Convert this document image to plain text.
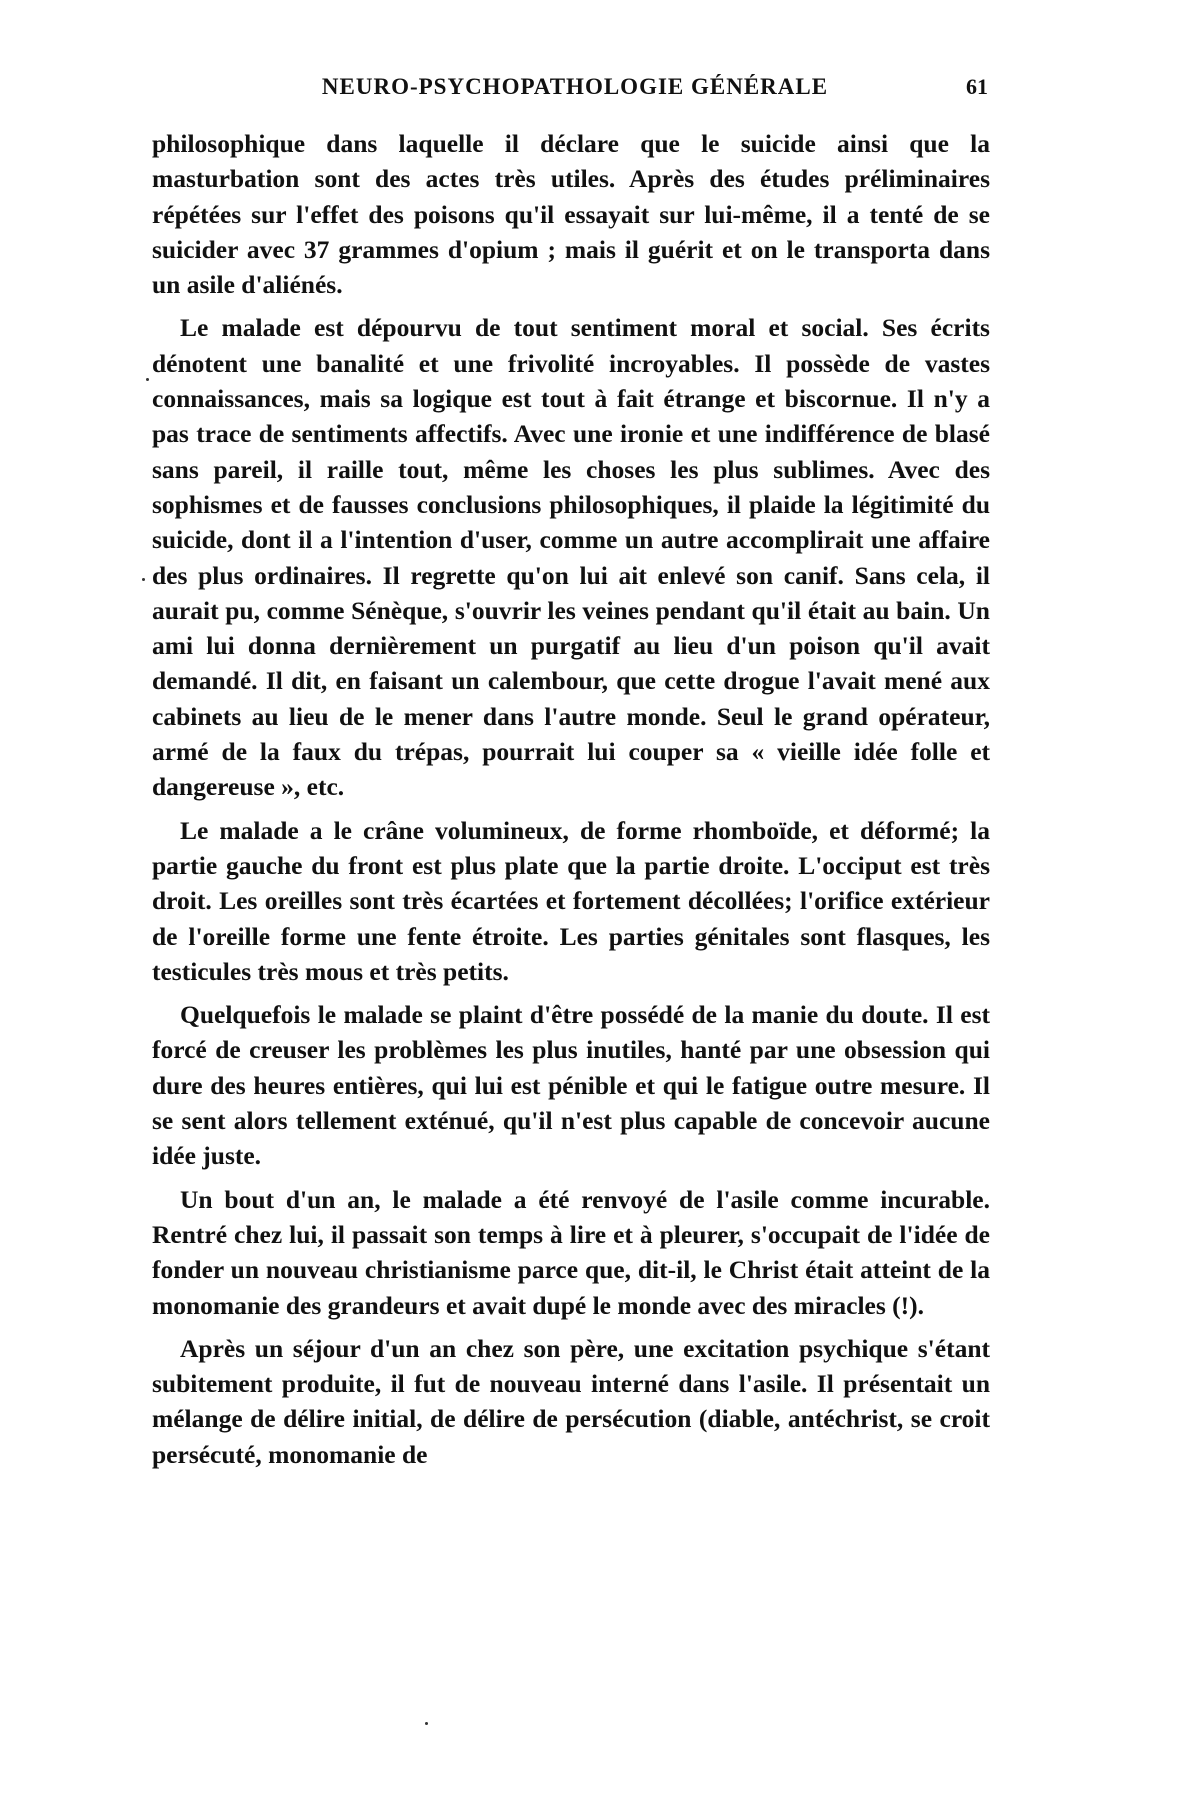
NEURO-PSYCHOPATHOLOGIE GÉNÉRALE	61

philosophique dans laquelle il déclare que le suicide ainsi que la masturbation sont des actes très utiles. Après des études préliminaires répétées sur l'effet des poisons qu'il essayait sur lui-même, il a tenté de se suicider avec 37 grammes d'opium ; mais il guérit et on le transporta dans un asile d'aliénés.

Le malade est dépourvu de tout sentiment moral et social. Ses écrits dénotent une banalité et une frivolité incroyables. Il possède de vastes connaissances, mais sa logique est tout à fait étrange et biscornue. Il n'y a pas trace de sentiments affectifs. Avec une ironie et une indifférence de blasé sans pareil, il raille tout, même les choses les plus sublimes. Avec des sophismes et de fausses conclusions philosophiques, il plaide la légitimité du suicide, dont il a l'intention d'user, comme un autre accomplirait une affaire des plus ordinaires. Il regrette qu'on lui ait enlevé son canif. Sans cela, il aurait pu, comme Sénèque, s'ouvrir les veines pendant qu'il était au bain. Un ami lui donna dernièrement un purgatif au lieu d'un poison qu'il avait demandé. Il dit, en faisant un calembour, que cette drogue l'avait mené aux cabinets au lieu de le mener dans l'autre monde. Seul le grand opérateur, armé de la faux du trépas, pourrait lui couper sa « vieille idée folle et dangereuse », etc.

Le malade a le crâne volumineux, de forme rhomboïde, et déformé; la partie gauche du front est plus plate que la partie droite. L'occiput est très droit. Les oreilles sont très écartées et fortement décollées; l'orifice extérieur de l'oreille forme une fente étroite. Les parties génitales sont flasques, les testicules très mous et très petits.

Quelquefois le malade se plaint d'être possédé de la manie du doute. Il est forcé de creuser les problèmes les plus inutiles, hanté par une obsession qui dure des heures entières, qui lui est pénible et qui le fatigue outre mesure. Il se sent alors tellement exténué, qu'il n'est plus capable de concevoir aucune idée juste.

Un bout d'un an, le malade a été renvoyé de l'asile comme incurable. Rentré chez lui, il passait son temps à lire et à pleurer, s'occupait de l'idée de fonder un nouveau christianisme parce que, dit-il, le Christ était atteint de la monomanie des grandeurs et avait dupé le monde avec des miracles (!).

Après un séjour d'un an chez son père, une excitation psychique s'étant subitement produite, il fut de nouveau interné dans l'asile. Il présentait un mélange de délire initial, de délire de persécution (diable, antéchrist, se croit persécuté, monomanie de
